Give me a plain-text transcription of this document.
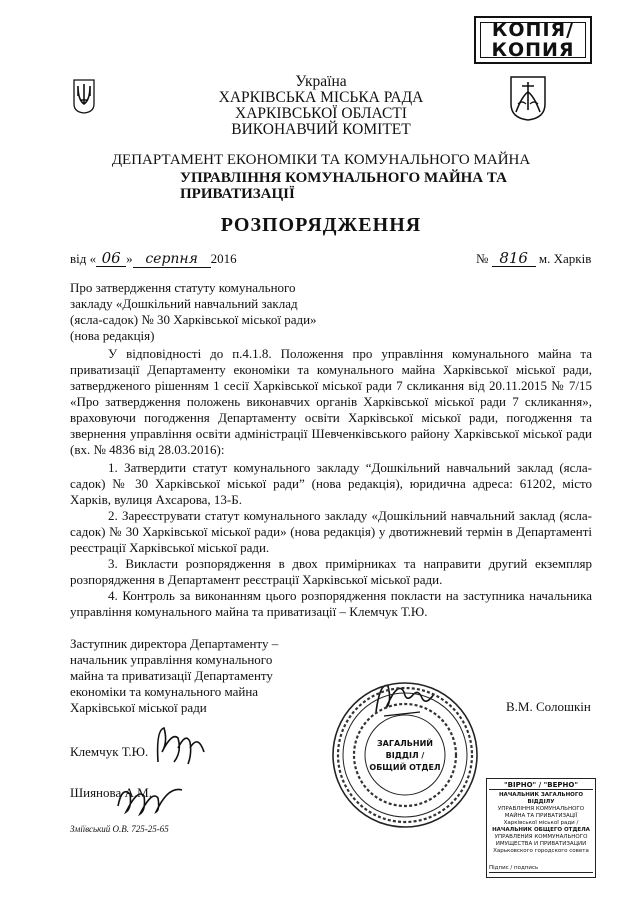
КОПІЯ/
КОПИЯ
Україна
ХАРКІВСЬКА МІСЬКА РАДА
ХАРКІВСЬКОЇ ОБЛАСТІ
ВИКОНАВЧИЙ КОМІТЕТ
ДЕПАРТАМЕНТ ЕКОНОМІКИ ТА КОМУНАЛЬНОГО МАЙНА
УПРАВЛІННЯ КОМУНАЛЬНОГО МАЙНА ТА
ПРИВАТИЗАЦІЇ
РОЗПОРЯДЖЕННЯ
від « 06 » серпня 2016	№ 816 м. Харків
Про затвердження статуту комунального
закладу «Дошкільний навчальний заклад
(ясла-садок) № 30 Харківської міської ради»
(нова редакція)
У відповідності до п.4.1.8. Положення про управління комунального майна та приватизації Департаменту економіки та комунального майна Харківської міської ради, затвердженого рішенням 1 сесії Харківської міської ради 7 скликання від 20.11.2015 № 7/15 «Про затвердження положень виконавчих органів Харківської міської ради 7 скликання», враховуючи погодження Департаменту освіти Харківської міської ради, погодження та звернення управління освіти адміністрації Шевченківського району Харківської міської ради (вх. № 4836 від 28.03.2016):
1. Затвердити статут комунального закладу “Дошкільний навчальний заклад (ясла-садок) № 30 Харківської міської ради” (нова редакція), юридична адреса: 61202, місто Харків, вулиця Ахсарова, 13-Б.
2. Зареєструвати статут комунального закладу «Дошкільний навчальний заклад (ясла-садок) № 30 Харківської міської ради» (нова редакція) у двотижневий термін в Департаменті реєстрації Харківської міської ради.
3. Викласти розпорядження в двох примірниках та направити другий екземпляр розпорядження в Департамент реєстрації Харківської міської ради.
4. Контроль за виконанням цього розпорядження покласти на заступника начальника управління комунального майна та приватизації – Клемчук Т.Ю.
Заступник директора Департаменту –
начальник управління комунального
майна та приватизації Департаменту
економіки та комунального майна
Харківської міської ради	В.М. Солошкін
Клемчук Т.Ю.
Шиянова А.М.
Зміївський О.В. 725-25-65
ЗАГАЛЬНИЙ
ВІДДІЛ /
ОБЩИЙ ОТДЕЛ
"ВІРНО" / "ВЕРНО"
НАЧАЛЬНИК ЗАГАЛЬНОГО ВІДДІЛУ
УПРАВЛІННЯ КОМУНАЛЬНОГО МАЙНА ТА ПРИВАТИЗАЦІЇ
Харківської міської ради /
НАЧАЛЬНИК ОБЩЕГО ОТДЕЛА
УПРАВЛЕНИЯ КОММУНАЛЬНОГО ИМУЩЕСТВА И ПРИВАТИЗАЦИИ
Харьковского городского совета
Підпис / подпись
